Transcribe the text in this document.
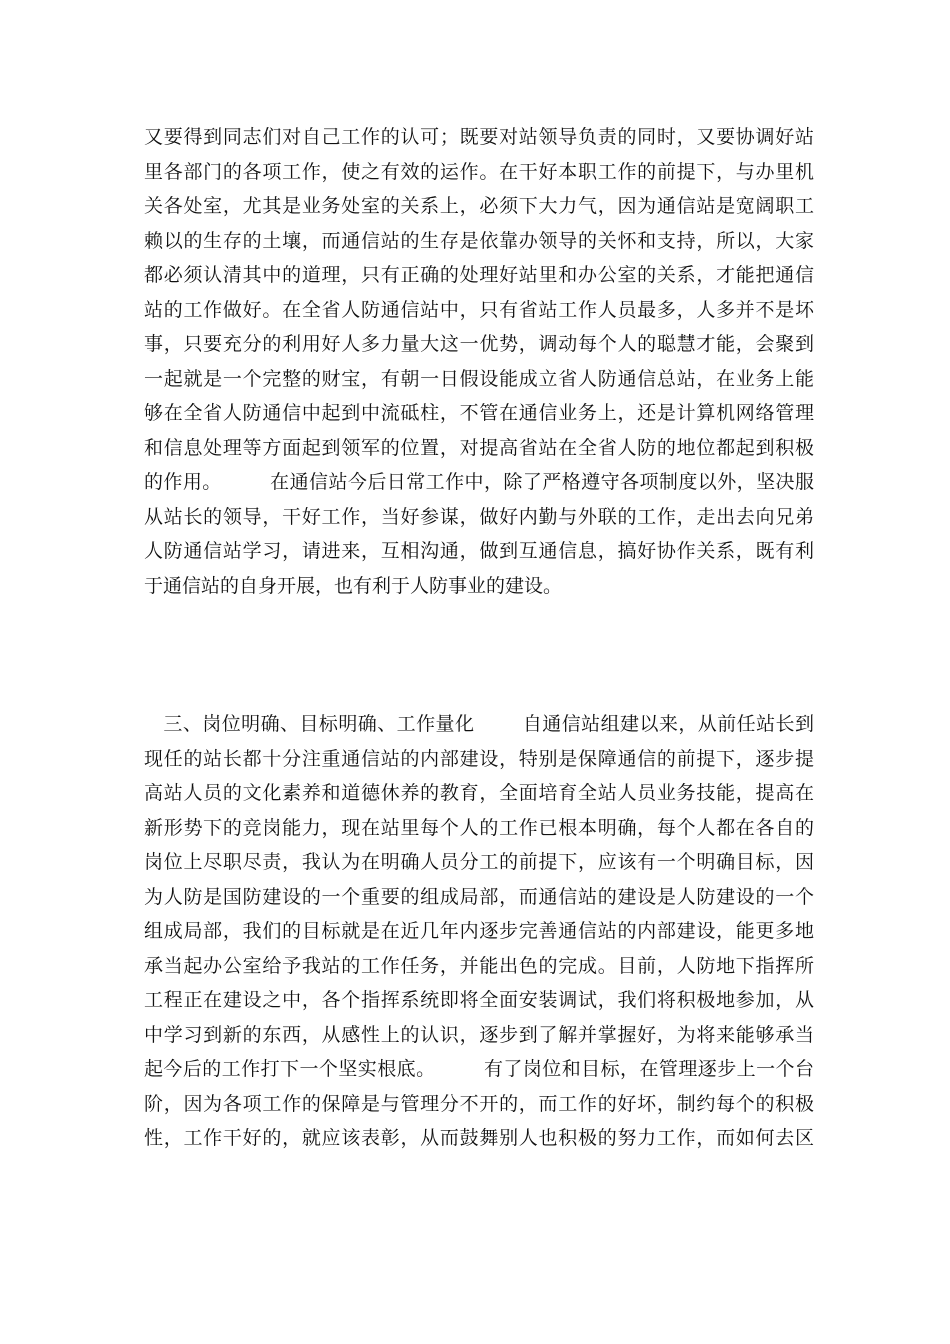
又要得到同志们对自己工作的认可；既要对站领导负责的同时，又要协调好站
里各部门的各项工作，使之有效的运作。在干好本职工作的前提下，与办里机
关各处室，尤其是业务处室的关系上，必须下大力气，因为通信站是宽阔职工
赖以的生存的土壤，而通信站的生存是依靠办领导的关怀和支持，所以，大家
都必须认清其中的道理，只有正确的处理好站里和办公室的关系，才能把通信
站的工作做好。在全省人防通信站中，只有省站工作人员最多，人多并不是坏
事，只要充分的利用好人多力量大这一优势，调动每个人的聪慧才能，会聚到
一起就是一个完整的财宝，有朝一日假设能成立省人防通信总站，在业务上能
够在全省人防通信中起到中流砥柱，不管在通信业务上，还是计算机网络管理
和信息处理等方面起到领军的位置，对提高省站在全省人防的地位都起到积极
的作用。	在通信站今后日常工作中，除了严格遵守各项制度以外，坚决服
从站长的领导，干好工作，当好参谋，做好内勤与外联的工作，走出去向兄弟
人防通信站学习，请进来，互相沟通，做到互通信息，搞好协作关系，既有利
于通信站的自身开展，也有利于人防事业的建设。
三、岗位明确、目标明确、工作量化	自通信站组建以来，从前任站长到
现任的站长都十分注重通信站的内部建设，特别是保障通信的前提下，逐步提
高站人员的文化素养和道德休养的教育，全面培育全站人员业务技能，提高在
新形势下的竞岗能力，现在站里每个人的工作已根本明确，每个人都在各自的
岗位上尽职尽责，我认为在明确人员分工的前提下，应该有一个明确目标，因
为人防是国防建设的一个重要的组成局部，而通信站的建设是人防建设的一个
组成局部，我们的目标就是在近几年内逐步完善通信站的内部建设，能更多地
承当起办公室给予我站的工作任务，并能出色的完成。目前，人防地下指挥所
工程正在建设之中，各个指挥系统即将全面安装调试，我们将积极地参加，从
中学习到新的东西，从感性上的认识，逐步到了解并掌握好，为将来能够承当
起今后的工作打下一个坚实根底。	有了岗位和目标，在管理逐步上一个台
阶，因为各项工作的保障是与管理分不开的，而工作的好坏，制约每个的积极
性，工作干好的，就应该表彰，从而鼓舞别人也积极的努力工作，而如何去区
